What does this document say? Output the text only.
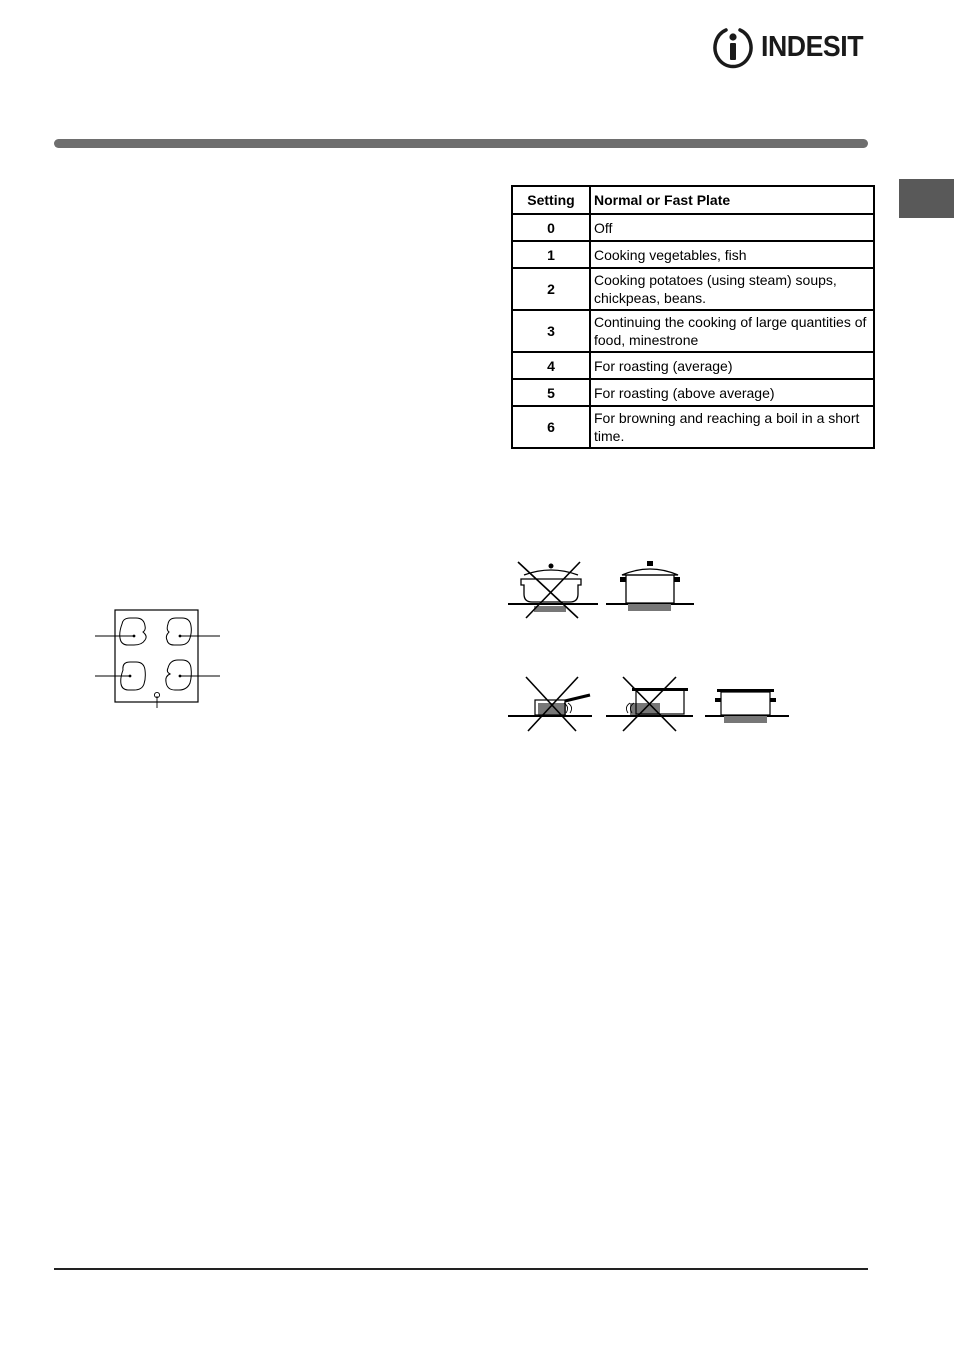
INDESIT
Setting	Normal or Fast Plate
0	Off
1	Cooking vegetables, fish
2	Cooking potatoes (using steam) soups, chickpeas, beans.
3	Continuing the cooking of large quantities of food, minestrone
4	For roasting (average)
5	For roasting (above average)
6	For browning and reaching a boil in a short time.
